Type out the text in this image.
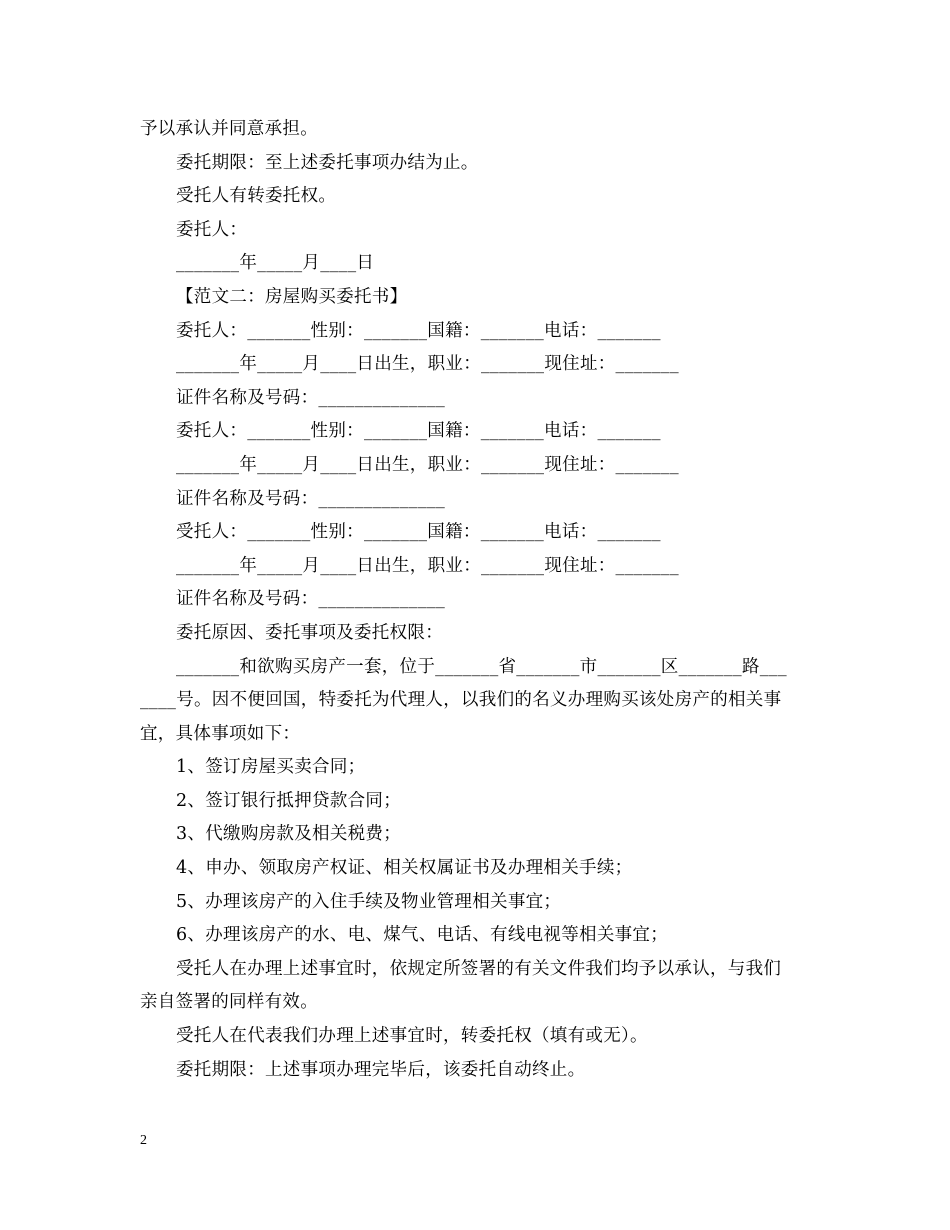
予以承认并同意承担。
委托期限：至上述委托事项办结为止。
受托人有转委托权。
委托人：
_______年_____月____日
【范文二：房屋购买委托书】
委托人：_______性别：_______国籍：_______电话：_______
_______年_____月____日出生，职业：_______现住址：_______
证件名称及号码：______________
委托人：_______性别：_______国籍：_______电话：_______
_______年_____月____日出生，职业：_______现住址：_______
证件名称及号码：______________
受托人：_______性别：_______国籍：_______电话：_______
_______年_____月____日出生，职业：_______现住址：_______
证件名称及号码：______________
委托原因、委托事项及委托权限：
_______和欲购买房产一套，位于_______省_______市_______区_______路___
____号。因不便回国，特委托为代理人，以我们的名义办理购买该处房产的相关事
宜，具体事项如下：
1、签订房屋买卖合同；
2、签订银行抵押贷款合同；
3、代缴购房款及相关税费；
4、申办、领取房产权证、相关权属证书及办理相关手续；
5、办理该房产的入住手续及物业管理相关事宜；
6、办理该房产的水、电、煤气、电话、有线电视等相关事宜；
受托人在办理上述事宜时，依规定所签署的有关文件我们均予以承认，与我们
亲自签署的同样有效。
受托人在代表我们办理上述事宜时，转委托权（填有或无）。
委托期限：上述事项办理完毕后，该委托自动终止。
2
